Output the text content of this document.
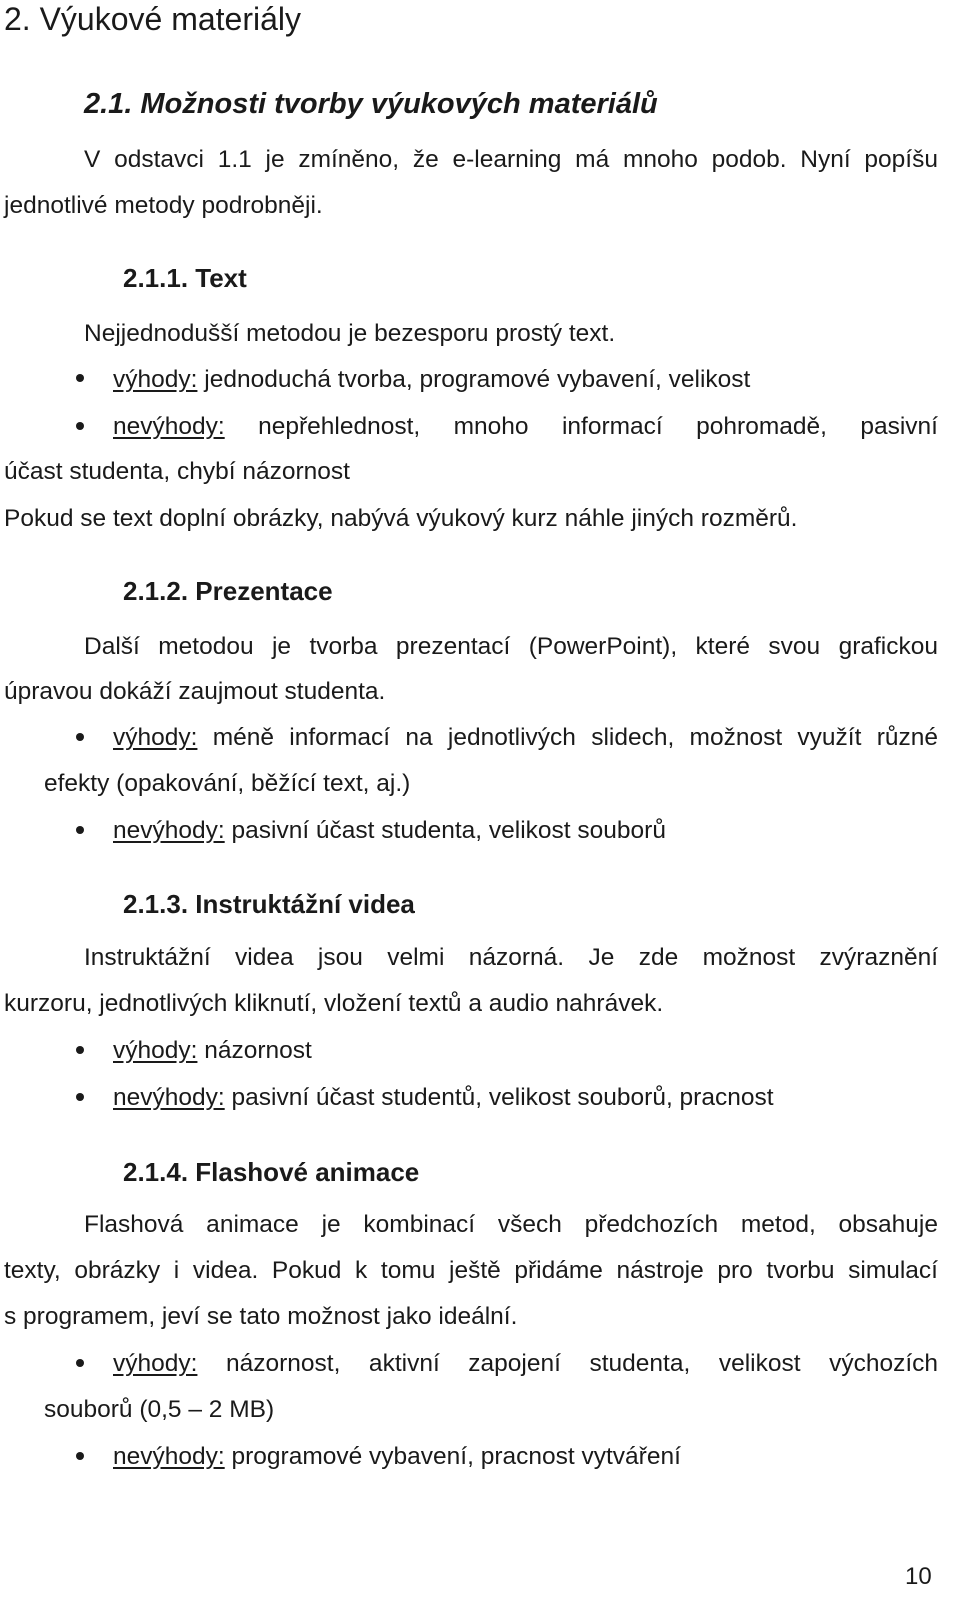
2. Výukové materiály
2.1. Možnosti tvorby výukových materiálů

V odstavci 1.1 je zmíněno, že e-learning má mnoho podob. Nyní popíšu

jednotlivé metody podrobněji.

2.1.1. Text

Nejjednodušší metodou je bezesporu prostý text.

výhody: jednoduchá tvorba, programové vybavení, velikost

nevýhody: nepřehlednost, mnoho informací pohromadě, pasivní

účast studenta, chybí názornost

Pokud se text doplní obrázky, nabývá výukový kurz náhle jiných rozměrů.

2.1.2. Prezentace

Další metodou je tvorba prezentací (PowerPoint), které svou grafickou

úpravou dokáží zaujmout studenta.

výhody: méně informací na jednotlivých slidech, možnost využít různé

efekty (opakování, běžící text, aj.)

nevýhody: pasivní účast studenta, velikost souborů

2.1.3. Instruktážní videa

Instruktážní videa jsou velmi názorná. Je zde možnost zvýraznění

kurzoru, jednotlivých kliknutí, vložení textů a audio nahrávek.

výhody: názornost

nevýhody: pasivní účast studentů, velikost souborů, pracnost

2.1.4. Flashové animace

Flashová animace je kombinací všech předchozích metod, obsahuje

texty, obrázky i videa. Pokud k tomu ještě přidáme nástroje pro tvorbu simulací

s programem, jeví se tato možnost jako ideální.

výhody: názornost, aktivní zapojení studenta, velikost výchozích

souborů (0,5 – 2 MB)

nevýhody: programové vybavení, pracnost vytváření

10
